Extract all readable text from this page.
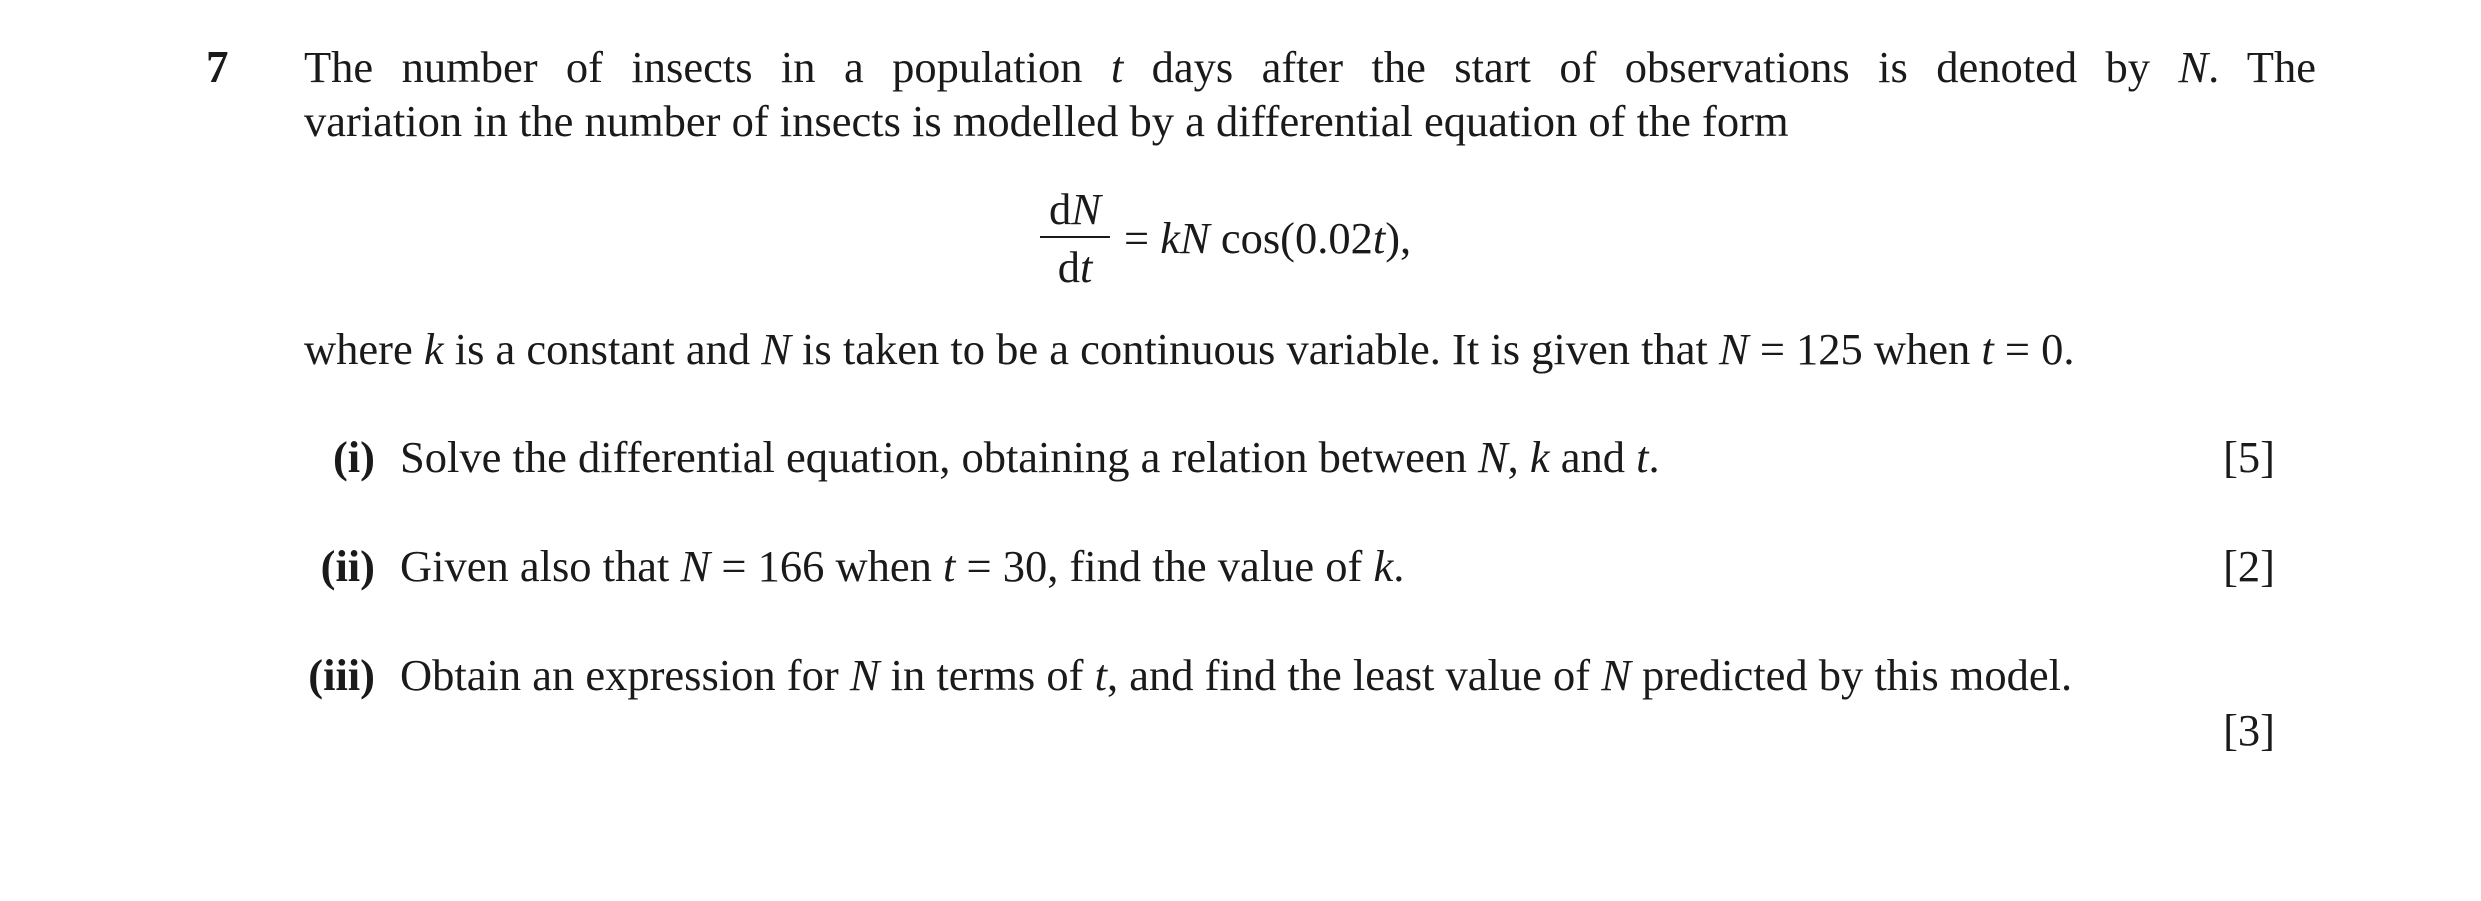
7 The number of insects in a population t days after the start of observations is denoted by N. The
variation in the number of insects is modelled by a differential equation of the form
$\frac{dN}{dt}$ = kN cos(0.02t),
where k is a constant and N is taken to be a continuous variable. It is given that N = 125 when t = 0.
(i) Solve the differential equation, obtaining a relation between N, k and t.	[5]
(ii) Given also that N = 166 when t = 30, find the value of k.	[2]
(iii) Obtain an expression for N in terms of t, and find the least value of N predicted by this model.
[3]
